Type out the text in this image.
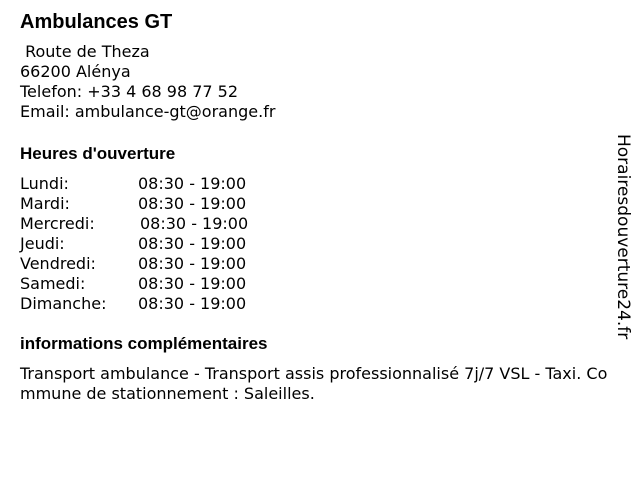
Ambulances GT
Route de Theza
66200 Alénya
Telefon: +33 4 68 98 77 52
Email: ambulance-gt@orange.fr
Heures d'ouverture
Lundi:	08:30 - 19:00
Mardi:	08:30 - 19:00
Mercredi:	08:30 - 19:00
Jeudi:	08:30 - 19:00
Vendredi:	08:30 - 19:00
Samedi:	08:30 - 19:00
Dimanche: 08:30 - 19:00
informations complémentaires

Transport ambulance - Transport assis professionnalisé 7j/7 VSL - Taxi. Commune de stationnement : Saleilles.

Horairesdouverture24.fr
